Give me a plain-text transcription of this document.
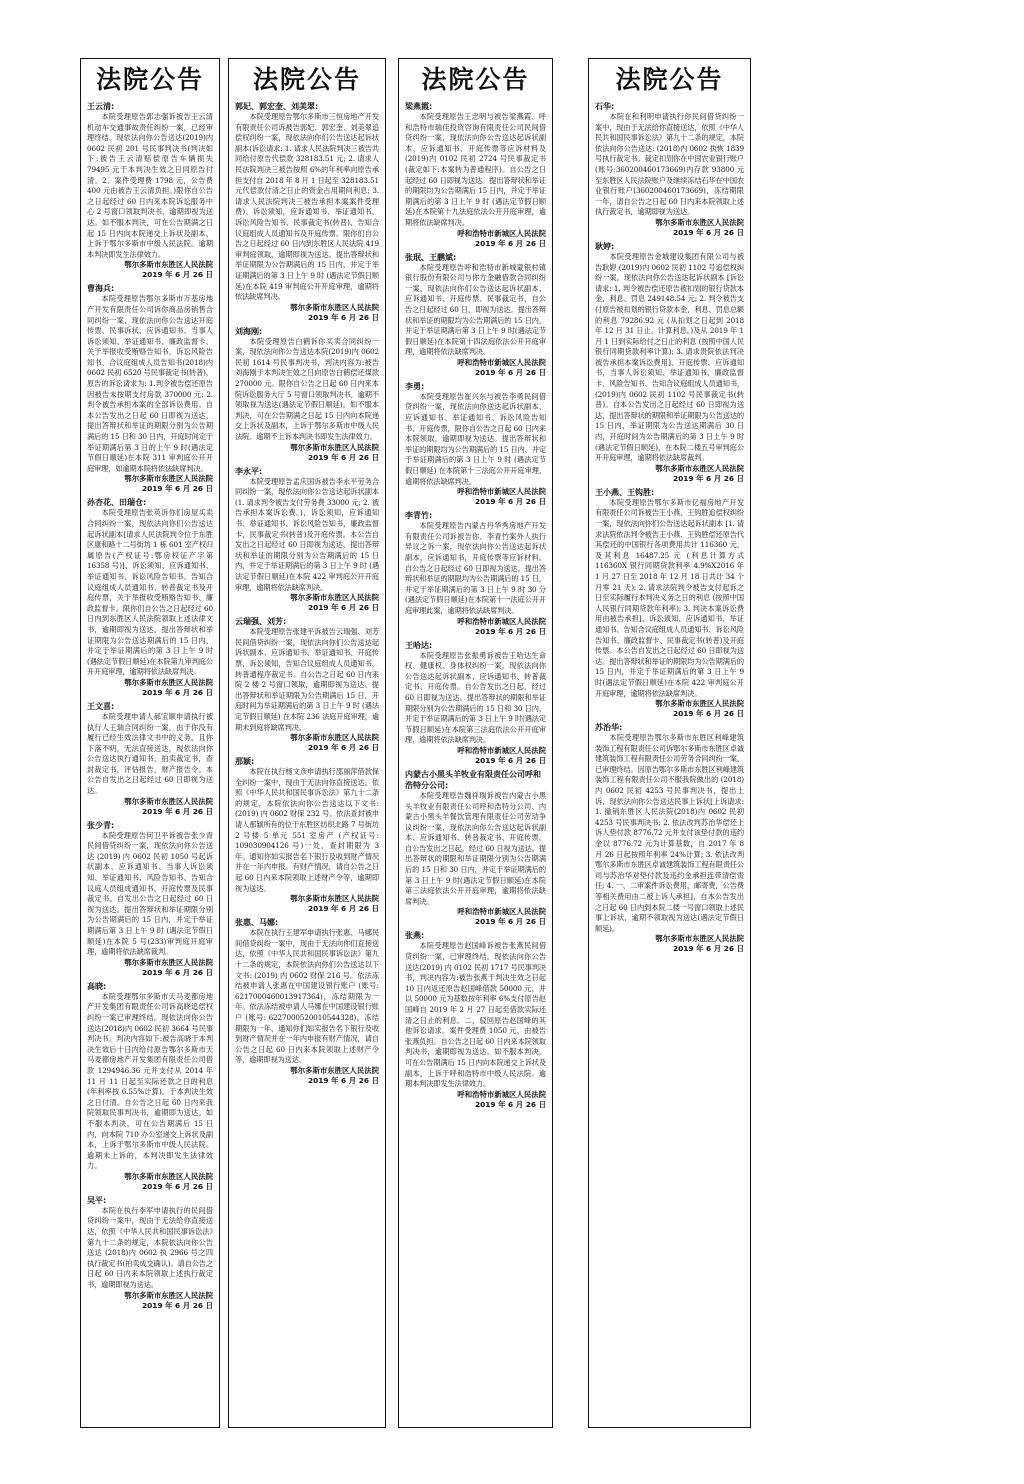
法院公告
王云清:

本院受理原告郭志强诉被告王云清机动车交通事故责任纠纷一案，已经审理终结。现依法向你公告送达(2019)内 0602 民初 201 号民事判决书(判决如下:被告王云清赔偿原告车辆损失 79495 元于本判决生效之日同原告付清。2、案件受理费 1798 元，公告费 400 元由被告王云清负担。)限你自公告之日起经过 60 日内来本院诉讼服务中心 2 号窗口领取判决书，逾期即视为送达。如不服本判决，可在公告期满之日起 15 日内向本院递交上诉状及副本，上诉于鄂尔多斯市中级人民法院。逾期本判决即发生法律效力。

鄂尔多斯市东胜区人民法院
2019 年 6 月 26 日
曹海兵:

本院受理原告鄂尔多斯市万基房地产开发有限责任公司诉你商品房销售合同纠纷一案，现依法向你公告送达开庭传票、民事诉状、应诉通知书、当事人诉讼须知、举证通知书、廉政监督卡、关于举报收受贿赂告知书、诉讼风险告知书、合议庭组成人员告知书(2018)内 0602 民初 6520 号民事裁定书(转普)，原告的诉讼请求为: 1.判令被告偿还原告因被告未按期支付房款 370000 元; 2. 判令被告承担本案的全部诉讼费用。自本公告发出之日起 60 日即视为送达，提出答辩状和举证的期限分别为公告期满后的 15 日和 30 日内，开庭时间定于举证期满后第 3 日的上午 9 时(遇法定节假日顺延)在本院 311 审判庭公开开庭审理，如逾期本院将依法缺席判决。

鄂尔多斯市东胜区人民法院
2019 年 6 月 26 日
孙杏花、田瑞仓:

本院受理原告张英诉你们房屋买卖合同纠纷一案，现依法向你们公告送达起诉状副本[请求人民法院判令位于东胜区康和路十二号街坊 1 栋 601 室产权归属原告(产权证号:鄂房权证产字第 16358 号)]、诉讼须知、应诉通知书、举证通知书、诉讼风险告知书、告知合议庭组成人员通知书、转普裁定书及开庭传票，关于举报收受贿赂告知书、廉政监督卡。限你们自公告之日起经过 60 日内到东胜区人民法院领取上述法律文书，逾期即视为送达，提出答辩状和举证期限为公告送达期满后的 15 日内，并定于举证期满后的第 3 日上午 9 时(遇法定节假日顺延)在本院第九审判庭公开开庭审理，逾期将依法缺席判决。

鄂尔多斯市东胜区人民法院
2019 年 6 月 26 日
王文喜:

本院受理申请人郝宝顺申请执行被执行人王瑞合同纠纷一案，由于你没有履行已经生效法律文书中的义务，且你下落不明，无法直接送达，现依法向你公告送达执行通知书、拍卖裁定书，查封裁定书，评估报告，财产报告令。本公告自发出之日起经过 60 日即视为送达。

鄂尔多斯市东胜区人民法院
2019 年 6 月 26 日
张少青:

本院受理原告何卫平诉被告张少青民间借贷纠纷一案，现依法向你公告送达 (2019) 内 0602 民初 1050 号起诉状副本、应诉通知书、当事人诉讼须知、举证通知书、风险告知书、告知合议庭人员组成通知书、开庭传票及民事裁定书。自发出公告之日起经过 60 日视为送达。提出答辩状和举证期限分别为公告期满后的 15 日内，并定于举证期满后第 3 日上午 9 时 (遇法定节假日顺延)在本院 5 号(233)审判庭开庭审理，逾期将依法缺席裁判。

鄂尔多斯市东胜区人民法院
2019 年 6 月 26 日
高晓:

本院受理鄂尔多斯市天马麦都房地产开发集团有限责任公司诉高晓追偿权纠纷一案已审理终结。现依法向你公告送达(2018)内 0602 民初 3664 号民事判决书。判决内容如下:被告高晓于本判决生效后十日内给付原告鄂尔多斯市天马麦都房地产开发集团有限责任公司借款 1294946.36 元并支付从 2014 年 11 月 11 日起至实际还款之日的利息(年利率按 6.55%计算)。于本判决生效之日付清。自公告之日起 60 日内来我院领取民事判决书，逾期即为送达。如不服本判决，可在公告期满后 15 日内，向本院 710 办公室递交上诉状及副本，上诉于鄂尔多斯市中级人民法院。逾期未上诉的，本判决即发生法律效力。

鄂尔多斯市东胜区人民法院
2019 年 6 月 26 日
吴平:

本院在执行李军申请执行的民间借贷纠纷一案中，现由于无法给你直接送达，依照《中华人民共和国民事诉讼法》第九十二条的规定，本院依法向你公告送达 (2018)内 0602 执 2966 号之四执行裁定书(拍卖成交确认)。请自公告之日起 60 日内来本院领取上述执行裁定书，逾期即视为送达。

鄂尔多斯市东胜区人民法院
2019 年 6 月 26 日
法院公告
郭妃、郭宏奎、刘美翠:

本院受理原告鄂尔多斯市三恒房地产开发有限责任公司诉被告郭妃、郭宏奎、刘美翠追偿权纠纷一案，现依法向你们公告送达起诉状副本(诉讼请求: 1. 请求人民法院判决三被告共同给付原告代偿款 328183.51 元; 2. 请求人民法院判决三被告按照 6%的年利率向原告承担支付自 2018 年 8 月 1 日起至 328183.51 元代偿款付清之日止的资金占用期间利息; 3. 请求人民法院判决三被告承担本案案件受理费)、诉讼须知，应诉通知书、举证通知书、诉讼风险告知书、民事裁定书(转普)、告知合议庭组成人员通知书及开庭传票。限你们自公告之日起经过 60 日内到东胜区人民法院 419 审判庭领取，逾期即视为送达。提出答辩状和举证期限为公告期满后的 15 日内，并定于举证期满后的第 3 日上午 9 时 (遇法定节假日顺延)在本院 419 审判庭公开开庭审理，逾期将依法缺席判决。

鄂尔多斯市东胜区人民法院
2019 年 6 月 26 日
刘海刚:

本院受理原告白鹤诉你买卖合同纠纷一案，现依法向你公告送达本院(2019)内 0602 民初 1614 号民事判决书，判决内容为:被告刘海刚于本判决生效之日向原告白鹤偿还煤款 270000 元。限你自公告之日起 60 日内来本院诉讼服务大厅 5 号窗口领取判决书，逾期不领取视为送达(遇法定节假日顺延)。如不服本判决，可在公告期满之日起 15 日内向本院递交上诉状及副本，上诉于鄂尔多斯市中级人民法院。逾期不上诉本判决书即发生法律效力。

鄂尔多斯市东胜区人民法院
2019 年 6 月 26 日
李永平:

本院受理原告孟庆国诉被告李永平劳务合同纠纷一案，现依法向你公告送达起诉状副本(1. 请求判令被告支付劳务费 33000 元; 2. 被告承担本案诉讼费。)，诉讼须知，应诉通知书、举证通知书、诉讼风险告知书，廉政监督卡，民事裁定书(转普)及开庭传票。本公告自发出之日起经过 60 日即视为送达，提出答辩状和举证的期限分别为公告期满后的 15 日内，并定于举证期满后的第 3 日上午 9 时 (遇法定节假日顺延)在本院 422 审判庭公开开庭审理，逾期将依法缺席判决。

鄂尔多斯市东胜区人民法院
2019 年 6 月 26 日
云瑞强、刘芳:

本院受理原告张建平诉被告云瑞强、刘芳民间借贷纠纷一案，现依法向你们公告送达起诉状副本、应诉通知书、举证通知书、开庭传票，诉讼须知，告知合议庭组成人员通知书，转普通程序裁定书。自公告之日起 60 日内来院 2 楼 2 号窗口领取，逾期即视为送达。提出答辩状和举证期限为公告期满后 15 日，开庭时间为举证期满后的第 3 日上午 9 时 (遇法定节假日顺延) 在本院 236 法庭开庭审理，逾期未到庭将缺席判决。

鄂尔多斯市东胜区人民法院
2019 年 6 月 26 日
那颖:

本院在执行杨文彦申请执行邵丽萍借款保全纠纷一案中，现由于无法向你直接送达，依照《中华人民共和国民事诉讼法》第九十二条的规定，本院依法向你公告送达以下文书: (2019) 内 0602 财保 232 号。依法查封被申请人那颖所有的位于东胜区纺织北路 7 号街坊 2 号楼 5 单元 551 室房产 (产权证号: 109030904126 号)一处，查封期限为 3 年。通知你如实报告名下银行及收到财产情况并在一年内申报。有财产情况，请自公告之日起 60 日内来本院领取上述财产令等，逾期即视为送达。

鄂尔多斯市东胜区人民法院
2019 年 6 月 26 日
张惠、马娜:

本院在执行王建军申请执行张惠、马娜民间借贷纠纷一案中，现由于无法向你们直接送达，依照《中华人民共和国民事诉讼法》第九十二条的规定，本院依法向你们公告送达以下文书: (2019) 内 0602 财保 216 号。依法冻结被申请人张惠在中国建设银行账户 (账号: 6217000460013917364)，冻结期限为一年。依法冻结被申请人马娜在中国建设银行账户 (账号: 6227000520010544328)，冻结期限为一年，通知你们如实报告名下银行及收到财产情况并在一年内申报有财产情况，请自公告之日起 60 日内来本院领取上述财产令等，逾期即视为送达。

鄂尔多斯市东胜区人民法院
2019 年 6 月 26 日
法院公告
梁燕霞:

本院受理原告王忠明与被告梁燕霞、呼和浩特市瑞佳投资咨询有限责任公司民间借贷纠纷一案，现依法向你公告送达起诉状副本，应诉通知书、开庭传票等应诉材料及(2019)内 0102 民初 2724 号民事裁定书(裁定如下:本案转为普通程序)。自公告之日起经过 60 日即视为送达。提出答辩状和举证的期限均为公告期满后 15 日内，并定于举证期满后的第 3 日上午 9 时 (遇法定节假日顺延)在本院第十九法庭依法公开开庭审理，逾期将依法缺席判决。

呼和浩特市新城区人民法院
2019 年 6 月 26 日
张珉、王鹏斌:

本院受理原告呼和浩特市新城蒙银村镇银行股份有限公司与你方金融借款合同纠纷一案，现依法向你们公告送达起诉状副本、应诉通知书、开庭传票、民事裁定书，自公告之日起经过 60 日，即视为送达。提出答辩状和举证的期限均为公告期满后的 15 日内，并定于举证期满后第 3 日上午 9 时(遇法定节假日顺延)在本院第十四法庭依法公开开庭审理，逾期将依法缺席判决。

呼和浩特市新城区人民法院
2019 年 6 月 26 日
李勇:

本院受理原告崔兴东与被告李勇民间借贷纠纷一案，现依法向你送达起诉状副本、应诉通知书、举证通知书、诉讼风险告知书、开庭传票，限你自公告之日起 60 日内来本院领取，逾期即视为送达。提出答辩状和举证的期限均为公告期满后的 15 日内，并定于举证期满后的第 3 日上午 9 时 (遇法定节假日顺延) 在本院第十三法庭公开开庭审理，逾期将依法缺席判决。

呼和浩特市新城区人民法院
2019 年 6 月 26 日
李青竹:

本院受理原告内蒙古丹华秀房地产开发有限责任公司诉被告你、李青竹案外人执行异议之诉一案，现依法向你公告送达起诉状副本，应诉通知书，开庭传票等应诉材料。自公告之日起经过 60 日即视为送达。提出答辩状和举证的期限均为公告期满后的 15 日，并定于举证期满后的第 3 日上午 9 时 30 分 (遇法定节假日顺延)在本院第十一法庭公开开庭审理此案，逾期将依法缺席判决。

呼和浩特市新城区人民法院
2019 年 6 月 26 日
王哈达:

本院受理原告张振勇诉被告王哈达生命权、健康权、身体权纠纷一案，现依法向你公告送达起诉状副本、应诉通知书、转普裁定书、开庭传票。自公告发出之日起，经过 60 日即视为送达。提出答辩状的期限和举证期限分别为公告期满后的 15 日和 30 日内，并定于举证期满后的第 3 日上午 9 时(遇法定节假日顺延)在本院第三法庭依法公开开庭审理，逾期将依法缺席判决。

呼和浩特市新城区人民法院
2019 年 6 月 26 日
内蒙古小黑头羊牧业有限责任公司呼和浩特分公司:

本院受理原告魏祥瑞诉被告内蒙古小黑头羊牧业有限责任公司呼和浩特分公司、内蒙古小黑头羊餐饮管理有限责任公司劳动争议纠纷一案，现依法向你公告送达起诉状副本、应诉通知书、转普裁定书、开庭传票。自公告发出之日起，经过 60 日视为送达。提出答辩状的期限和举证期限分别为公告期满后的 15 日和 30 日内，并定于举证期满后的第 3 日上午 9 时(遇法定节假日顺延)在本院第三法庭依法公开开庭审理，逾期将依法缺席判决。

呼和浩特市新城区人民法院
2019 年 6 月 26 日
张燕:

本院受理原告赵国峰诉被告张燕民间借贷纠纷一案，已审理终结。现依法向你公告送达(2019) 内 0102 民初 1717 号民事判决书，判决内容为:被告张燕于判决生效之日起 10 日内返还原告赵国峰借款 50000 元，并以 50000 元为基数按年利率 6%支付原告赵国峰自 2019 年 2 月 27 日起至借款实际还清之日止的利息。二，驳回原告赵国峰的其他诉讼请求。案件受理费 1050 元，由被告张燕负担。自公告之日起 60 日内来本院领取判决书，逾期即视为送达。如不服本判决，可在公告期满后 15 日内向本院递交上诉状及副本，上诉于呼和浩特市中级人民法院。逾期本判决即发生法律效力。

呼和浩特市新城区人民法院
2019 年 6 月 26 日
法院公告
石华:

本院在和利明申请执行你民间借贷纠纷一案中，现由于无法给你直接送达，依照《中华人民共和国民事诉讼法》第九十二条的规定，本院依法向你公告送达: (2018)内 0602 执恢 1839 号执行裁定书。裁定扣划你在中国农业银行账户(账号:360200460173669)内存款 93800 元至东胜区人民法院账户及继续冻结石华在中国农业银行账户(360200460173669)，冻结期限一年，请自公告之日起 60 日内来本院领取上述执行裁定书，逾期即视为送达。

鄂尔多斯市东胜区人民法院
2019 年 6 月 26 日
耿婷:

本院受理原告金城建设集团有限公司与被告耿婷 (2019)内 0602 民初 1102 号追偿权纠纷一案，现依法向你公告送达起诉状副本 [诉讼请求: 1. 判令被告偿还原告被扣划的银行贷款本金，利息、罚息 249148.54 元; 2. 判令被告支付原告被扣划的银行贷款本金，利息、罚息总额的利息 79286.92 元 (从扣划之日起到 2018 年 12 月 31 日止，计算利息。)及从 2019 年 1 月 1 日到实际给付之日止的利息 (按照中国人民银行同期贷款利率计算); 3. 请求贵院依法判决被告承担本案诉讼费用]、开庭传票、应诉通知书，当事人诉讼须知、举证通知书、廉政监督卡、风险告知书、告知合议庭组成人员通知书，(2019)内 0602 民初 1102 号民事裁定书(转普)。自本公告发出之日起经过 60 日即视为送达，提出答辩状的期限和举证期限为公告送达的 15 日内，举证期限为公告送达期满后 30 日内，开庭时间为公告期满后的第 3 日上午 9 时 (遇法定节假日顺延)，在本院二楼五号审判庭公开开庭审理，逾期将依法缺席裁判。

鄂尔多斯市东胜区人民法院
2019 年 6 月 26 日
王小燕、王钩胜:

本院受理原告鄂尔多斯市亿福房地产开发有限责任公司诉被告王小燕、王钩胜追偿权纠纷一案，现依法向你们公告送达起诉状副本 [1. 请求法院依法判令被告王小燕、王钩胜偿还原告代其偿还的中国银行各项费用共计 116360 元，及其利息 16487.25 元 (利息计算方式 116360X 银行同期贷款利率 4.9%X2016 年 1 月 27 日至 2018 年 12 月 18 日共计 34 个月零 21 天); 2. 请求法院判令被告支付起诉之日至实际履行本判决义务之日的利息 (按照中国人民银行同期贷款年利率); 3. 判决本案诉讼费用由被告承担]、诉讼须知、应诉通知书、举证通知书、告知合议庭组成人员通知书、诉讼风险告知书、廉政监督卡、民事裁定书(转普)及开庭传票。本公告自发出之日起经过 60 日即视为送达。提出答辩状和举证的期限均为公告期满后的 15 日内，并定于举证期满后的第 3 日上午 9 时(遇法定节假日顺延)在本院 422 审判庭公开开庭审理，逾期将依法缺席判决。

鄂尔多斯市东胜区人民法院
2019 年 6 月 26 日
苏治华:

本院受理原告鄂尔多斯市东胜区利峰建筑装饰工程有限责任公司诉鄂尔多斯市东胜区卓诚建筑装饰工程有限责任公司劳务合同纠纷一案，已审理终结。因原告鄂尔多斯市东胜区利峰建筑装饰工程有限责任公司不服我院做出的 (2018)内 0602 民初 4253 号民事判决书，提出上诉，现依法向你公告送达民事上诉状[上诉请求: 1. 撤销东胜区人民法院(2018)内 0602 民初 4253 号民事判决书; 2. 依法改判苏治华偿还上诉人垫付款 8776.72 元并支付该垫付款的违约金以 8776.72 元为计算基数，自 2017 年 8 月 26 日起按照年利率 24%计算; 3. 依法改判鄂尔多斯市东胜区卓诚建筑装饰工程有限责任公司与苏治华对垫付款及违约金承担连带清偿责任; 4. 一、二审案件诉讼费用，邮寄费，公告费等相关费用由二被上诉人承担]，自本公告发出之日起 60 日内到本院二楼一号窗口领取上述民事上诉状，逾期不领取视为送达(遇法定节假日顺延)。

鄂尔多斯市东胜区人民法院
2019 年 6 月 26 日
